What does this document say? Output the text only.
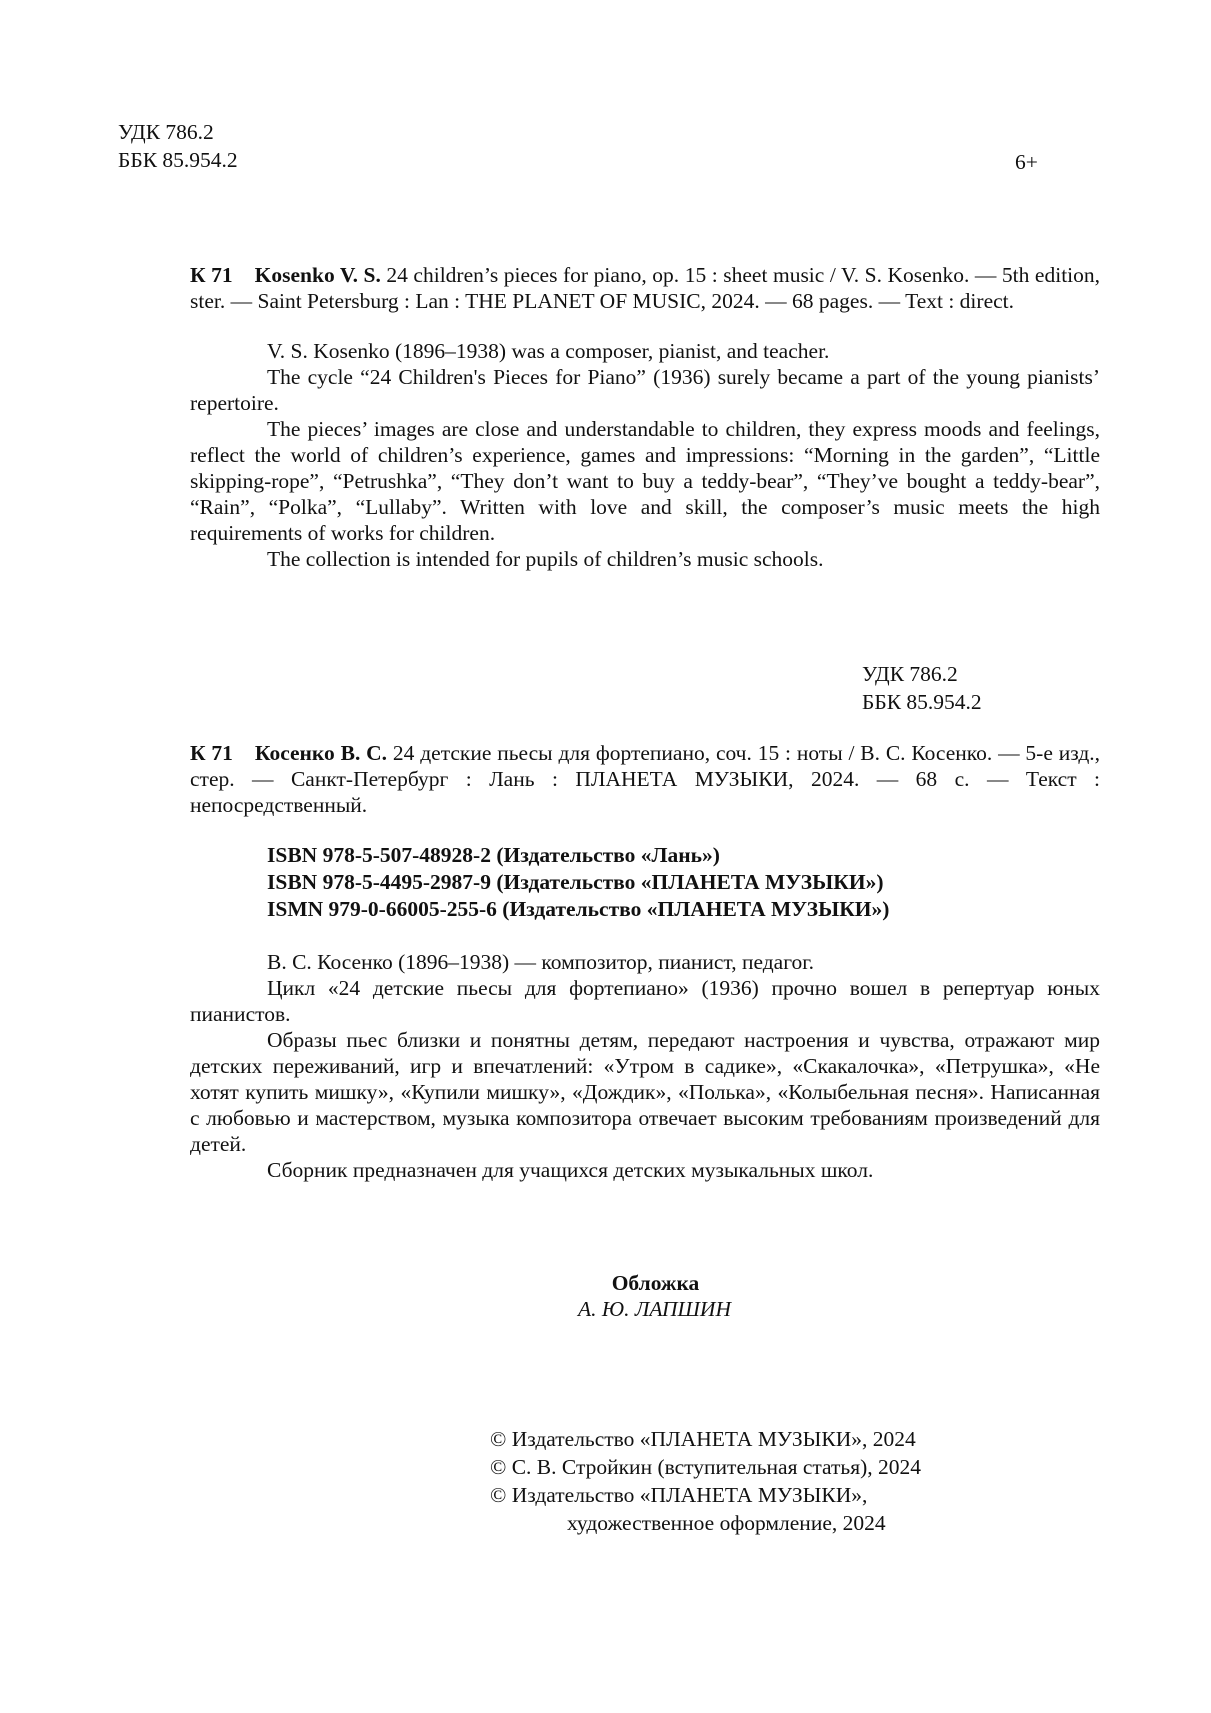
УДК 786.2
ББК 85.954.2	6+
К 71 Kosenko V. S. 24 children’s pieces for piano, op. 15 : sheet music / V. S. Kosenko. — 5th edition, ster. — Saint Petersburg : Lan : THE PLANET OF MUSIC, 2024. — 68 pages. — Text : direct.
V. S. Kosenko (1896–1938) was a composer, pianist, and teacher.
The cycle “24 Children's Pieces for Piano” (1936) surely became a part of the young pianists’ repertoire.
The pieces’ images are close and understandable to children, they express moods and feelings, reflect the world of children’s experience, games and impressions: “Morning in the garden”, “Little skipping-rope”, “Petrushka”, “They don’t want to buy a teddy-bear”, “They’ve bought a teddy-bear”, “Rain”, “Polka”, “Lullaby”. Written with love and skill, the composer’s music meets the high requirements of works for children.
The collection is intended for pupils of children’s music schools.
УДК 786.2
ББК 85.954.2
К 71 Косенко В. С. 24 детские пьесы для фортепиано, соч. 15 : ноты / В. С. Косенко. — 5-е изд., стер. — Санкт-Петербург : Лань : ПЛАНЕТА МУЗЫКИ, 2024. — 68 с. — Текст : непосредственный.
ISBN 978-5-507-48928-2 (Издательство «Лань»)
ISBN 978-5-4495-2987-9 (Издательство «ПЛАНЕТА МУЗЫКИ»)
ISMN 979-0-66005-255-6 (Издательство «ПЛАНЕТА МУЗЫКИ»)
В. С. Косенко (1896–1938) — композитор, пианист, педагог.
Цикл «24 детские пьесы для фортепиано» (1936) прочно вошел в репертуар юных пианистов.
Образы пьес близки и понятны детям, передают настроения и чувства, отражают мир детских переживаний, игр и впечатлений: «Утром в садике», «Скакалочка», «Петрушка», «Не хотят купить мишку», «Купили мишку», «Дождик», «Полька», «Колыбельная песня». Написанная с любовью и мастерством, музыка композитора отвечает высоким требованиям произведений для детей.
Сборник предназначен для учащихся детских музыкальных школ.
Обложка
А. Ю. ЛАПШИН
© Издательство «ПЛАНЕТА МУЗЫКИ», 2024
© С. В. Стройкин (вступительная статья), 2024
© Издательство «ПЛАНЕТА МУЗЫКИ»,
художественное оформление, 2024
